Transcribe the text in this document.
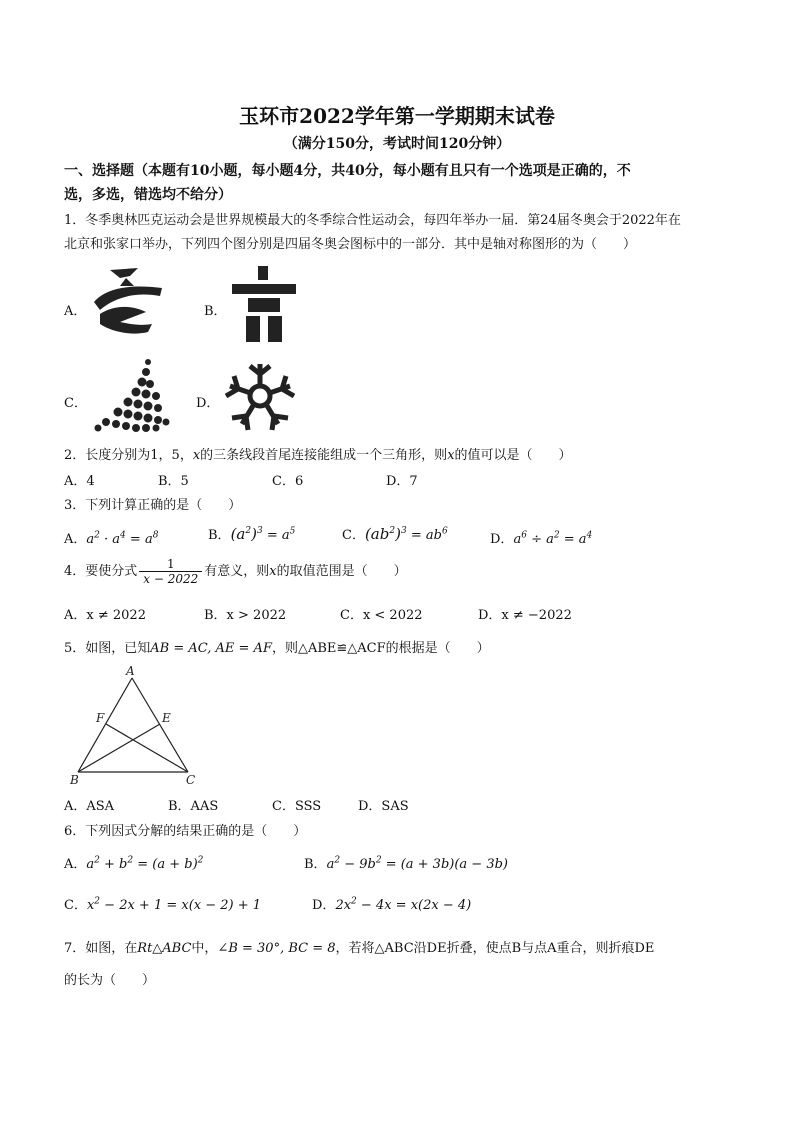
玉环市2022学年第一学期期末试卷
（满分150分，考试时间120分钟）
一、选择题（本题有10小题，每小题4分，共40分，每小题有且只有一个选项是正确的，不
选，多选，错选均不给分）
1．冬季奥林匹克运动会是世界规模最大的冬季综合性运动会，每四年举办一届．第24届冬奥会于2022年在
北京和张家口举办，下列四个图分别是四届冬奥会图标中的一部分．其中是轴对称图形的为（　　）
A．	B．
C．	D．
2．长度分别为1，5，x的三条线段首尾连接能组成一个三角形，则x的值可以是（　　）
A．4	B．5	C．6	D．7
3．下列计算正确的是（　　）
A．$a^2 \cdot a^4 = a^8$	B．$(a^2)^3 = a^5$	C．$(ab^2)^3 = ab^6$
D．$a^6 \div a^2 = a^4$
4．要使分式 $\frac{1}{x - 2022}$ 有意义，则x的取值范围是（　　）
A．x ≠ 2022	B．x > 2022	C．x < 2022	D．x ≠ −2022
5．如图，已知AB = AC, AE = AF，则△ABE≌△ACF的根据是（　　）
A
F	E
B	C
A．ASA	B．AAS	C．SSS	D．SAS
6．下列因式分解的结果正确的是（　　）
A．$a^2 + b^2 = (a + b)^2$	B．$a^2 - 9b^2 = (a + 3b)(a - 3b)$
C．$x^2 - 2x + 1 = x(x - 2) + 1$	D．$2x^2 - 4x = x(2x - 4)$
7．如图，在Rt△ABC中，∠B = 30°, BC = 8，若将△ABC沿DE折叠，使点B与点A重合，则折痕DE
的长为（　　）
